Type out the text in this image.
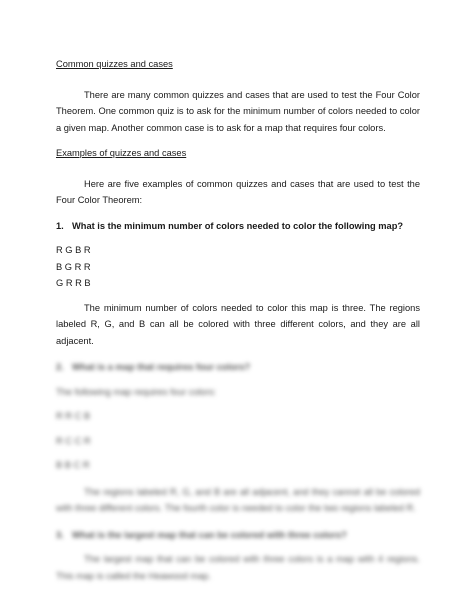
Common quizzes and cases

There are many common quizzes and cases that are used to test the Four Color Theorem. One common quiz is to ask for the minimum number of colors needed to color a given map. Another common case is to ask for a map that requires four colors.

Examples of quizzes and cases

Here are five examples of common quizzes and cases that are used to test the Four Color Theorem:

1. What is the minimum number of colors needed to color the following map?

R G B R

B G R R

G R R B

The minimum number of colors needed to color this map is three. The regions labeled R, G, and B can all be colored with three different colors, and they are all adjacent.

2. What is a map that requires four colors?

The following map requires four colors:

R R C B

R C C R

B B C R

The regions labeled R, G, and B are all adjacent, and they cannot all be colored with three different colors. The fourth color is needed to color the two regions labeled R.

3. What is the largest map that can be colored with three colors?

The largest map that can be colored with three colors is a map with 4 regions. This map is called the Heawood map.
